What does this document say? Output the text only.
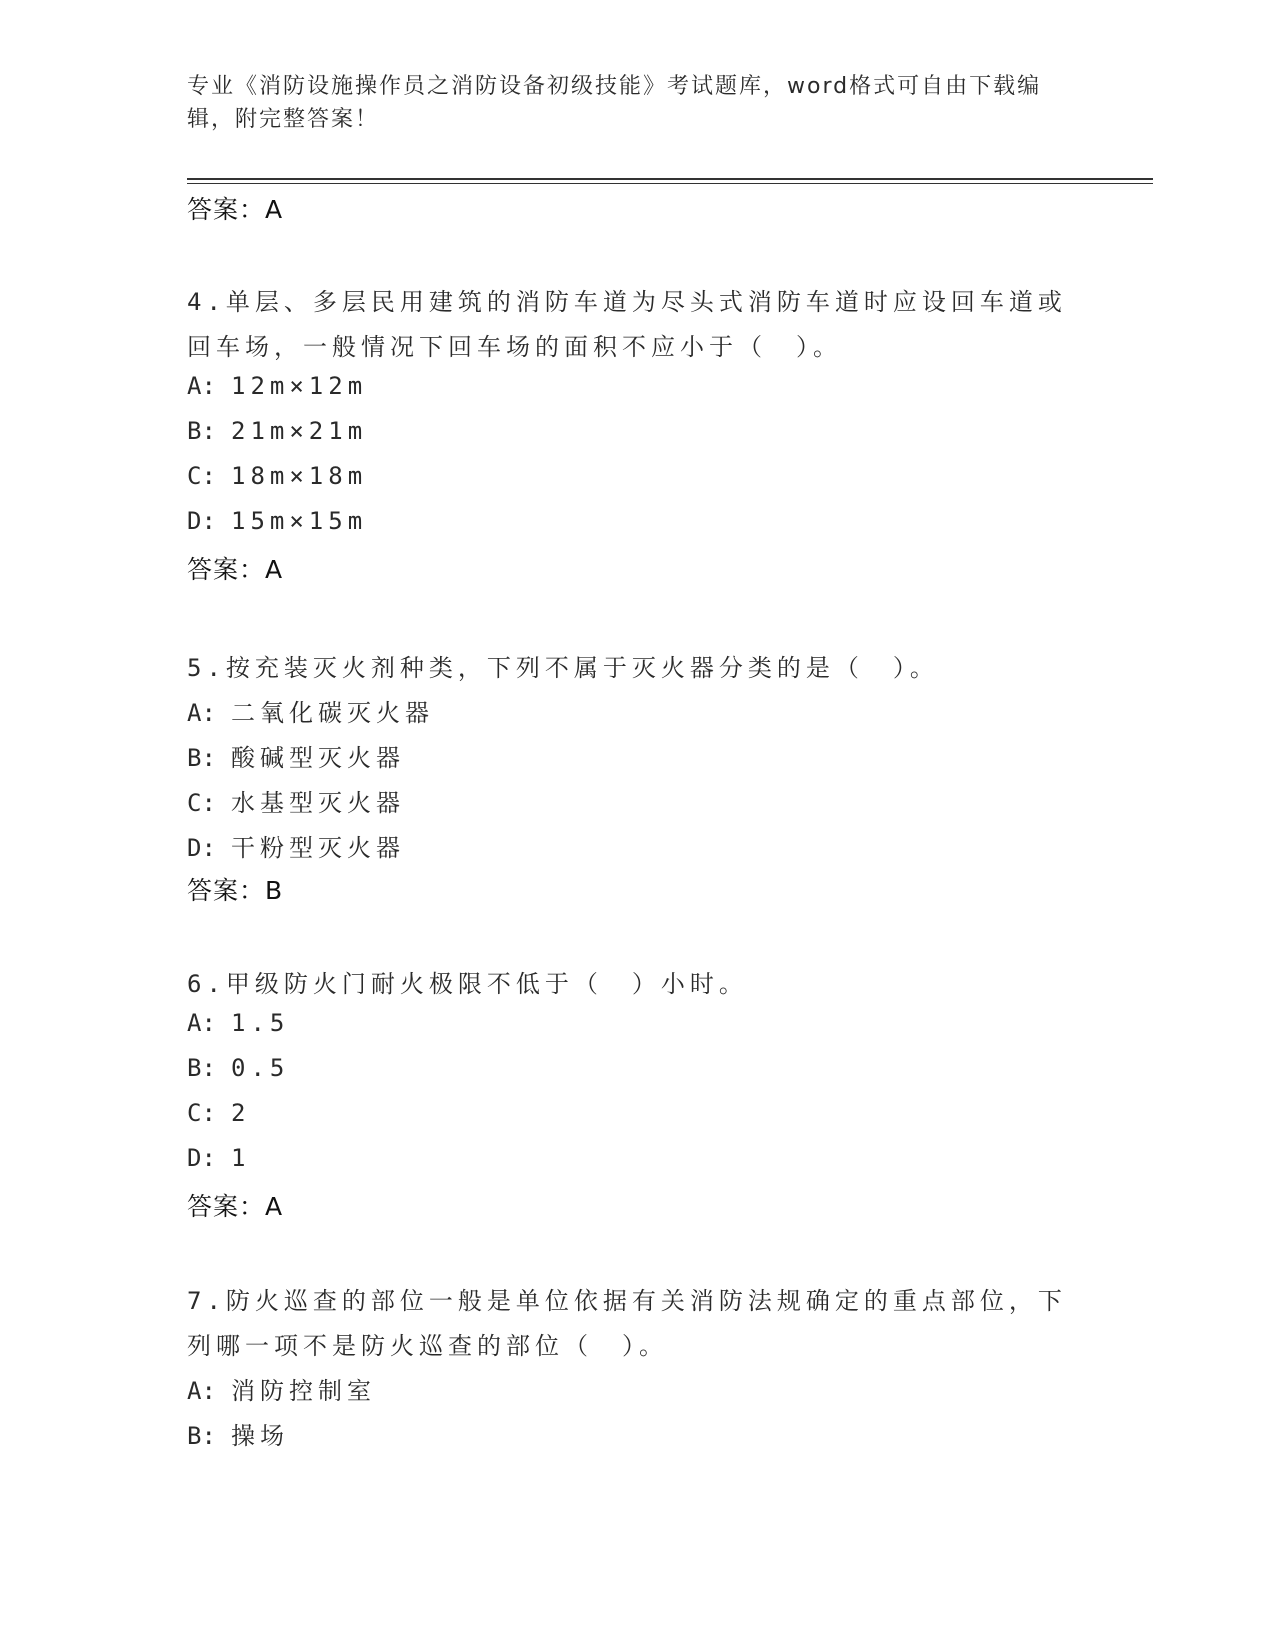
专业《消防设施操作员之消防设备初级技能》考试题库，word格式可自由下载编
辑，附完整答案！
答案：A
4.单层、多层民用建筑的消防车道为尽头式消防车道时应设回车道或
回车场，一般情况下回车场的面积不应小于（　）。
A: 12m×12m
B: 21m×21m
C: 18m×18m
D: 15m×15m
答案：A
5.按充装灭火剂种类，下列不属于灭火器分类的是（　）。
A: 二氧化碳灭火器
B: 酸碱型灭火器
C: 水基型灭火器
D: 干粉型灭火器
答案：B
6.甲级防火门耐火极限不低于（　）小时。
A: 1.5
B: 0.5
C: 2
D: 1
答案：A
7.防火巡查的部位一般是单位依据有关消防法规确定的重点部位，下
列哪一项不是防火巡查的部位（　）。
A: 消防控制室
B: 操场
